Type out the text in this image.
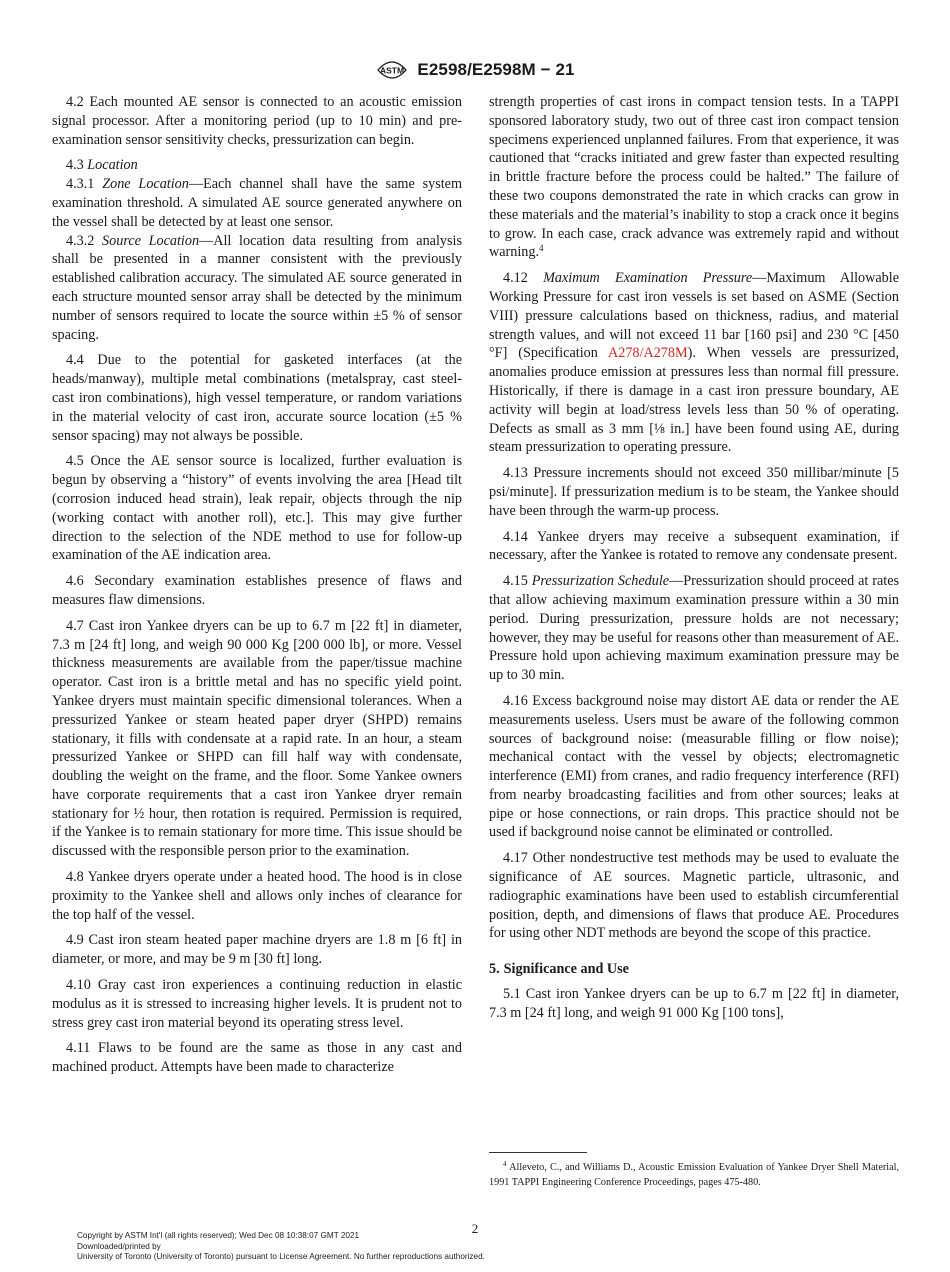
ASTM E2598/E2598M − 21

4.2 Each mounted AE sensor is connected to an acoustic emission signal processor. After a monitoring period (up to 10 min) and pre-examination sensor sensitivity checks, pressurization can begin.

4.3 Location

4.3.1 Zone Location—Each channel shall have the same system examination threshold. A simulated AE source generated anywhere on the vessel shall be detected by at least one sensor.

4.3.2 Source Location—All location data resulting from analysis shall be presented in a manner consistent with the previously established calibration accuracy. The simulated AE source generated in each structure mounted sensor array shall be detected by the minimum number of sensors required to locate the source within ±5 % of sensor spacing.

4.4 Due to the potential for gasketed interfaces (at the heads/manway), multiple metal combinations (metalspray, cast steel-cast iron combinations), high vessel temperature, or random variations in the material velocity of cast iron, accurate source location (±5 % sensor spacing) may not always be possible.

4.5 Once the AE sensor source is localized, further evaluation is begun by observing a “history” of events involving the area [Head tilt (corrosion induced head strain), leak repair, objects through the nip (working contact with another roll), etc.]. This may give further direction to the selection of the NDE method to use for follow-up examination of the AE indication area.

4.6 Secondary examination establishes presence of flaws and measures flaw dimensions.

4.7 Cast iron Yankee dryers can be up to 6.7 m [22 ft] in diameter, 7.3 m [24 ft] long, and weigh 90 000 Kg [200 000 lb], or more. Vessel thickness measurements are available from the paper/tissue machine operator. Cast iron is a brittle metal and has no specific yield point. Yankee dryers must maintain specific dimensional tolerances. When a pressurized Yankee or steam heated paper dryer (SHPD) remains stationary, it fills with condensate at a rapid rate. In an hour, a steam pressurized Yankee or SHPD can fill half way with condensate, doubling the weight on the frame, and the floor. Some Yankee owners have corporate requirements that a cast iron Yankee dryer remain stationary for ½ hour, then rotation is required. Permission is required, if the Yankee is to remain stationary for more time. This issue should be discussed with the responsible person prior to the examination.

4.8 Yankee dryers operate under a heated hood. The hood is in close proximity to the Yankee shell and allows only inches of clearance for the top half of the vessel.

4.9 Cast iron steam heated paper machine dryers are 1.8 m [6 ft] in diameter, or more, and may be 9 m [30 ft] long.

4.10 Gray cast iron experiences a continuing reduction in elastic modulus as it is stressed to increasing higher levels. It is prudent not to stress grey cast iron material beyond its operating stress level.

4.11 Flaws to be found are the same as those in any cast and machined product. Attempts have been made to characterize

strength properties of cast irons in compact tension tests. In a TAPPI sponsored laboratory study, two out of three cast iron compact tension specimens experienced unplanned failures. From that experience, it was cautioned that “cracks initiated and grew faster than expected resulting in brittle fracture before the process could be halted.” The failure of these two coupons demonstrated the rate in which cracks can grow in these materials and the material’s inability to stop a crack once it begins to grow. In each case, crack advance was extremely rapid and without warning.$^4$

4.12 Maximum Examination Pressure—Maximum Allowable Working Pressure for cast iron vessels is set based on ASME (Section VIII) pressure calculations based on thickness, radius, and material strength values, and will not exceed 11 bar [160 psi] and 230 °C [450 °F] (Specification A278/A278M). When vessels are pressurized, anomalies produce emission at pressures less than normal fill pressure. Historically, if there is damage in a cast iron pressure boundary, AE activity will begin at load/stress levels less than 50 % of operating. Defects as small as 3 mm [⅛ in.] have been found using AE, during steam pressurization to operating pressure.

4.13 Pressure increments should not exceed 350 millibar/minute [5 psi/minute]. If pressurization medium is to be steam, the Yankee should have been through the warm-up process.

4.14 Yankee dryers may receive a subsequent examination, if necessary, after the Yankee is rotated to remove any condensate present.

4.15 Pressurization Schedule—Pressurization should proceed at rates that allow achieving maximum examination pressure within a 30 min period. During pressurization, pressure holds are not necessary; however, they may be useful for reasons other than measurement of AE. Pressure hold upon achieving maximum examination pressure may be up to 30 min.

4.16 Excess background noise may distort AE data or render the AE measurements useless. Users must be aware of the following common sources of background noise: (measurable filling or flow noise); mechanical contact with the vessel by objects; electromagnetic interference (EMI) from cranes, and radio frequency interference (RFI) from nearby broadcasting facilities and from other sources; leaks at pipe or hose connections, or rain drops. This practice should not be used if background noise cannot be eliminated or controlled.

4.17 Other nondestructive test methods may be used to evaluate the significance of AE sources. Magnetic particle, ultrasonic, and radiographic examinations have been used to establish circumferential position, depth, and dimensions of flaws that produce AE. Procedures for using other NDT methods are beyond the scope of this practice.

5. Significance and Use

5.1 Cast iron Yankee dryers can be up to 6.7 m [22 ft] in diameter, 7.3 m [24 ft] long, and weigh 91 000 Kg [100 tons],

$^4$ Alleveto, C., and Williams D., Acoustic Emission Evaluation of Yankee Dryer Shell Material, 1991 TAPPI Engineering Conference Proceedings, pages 475-480.
2
Copyright by ASTM Int'l (all rights reserved); Wed Dec 08 10:38:07 GMT 2021
Downloaded/printed by
University of Toronto (University of Toronto) pursuant to License Agreement. No further reproductions authorized.
